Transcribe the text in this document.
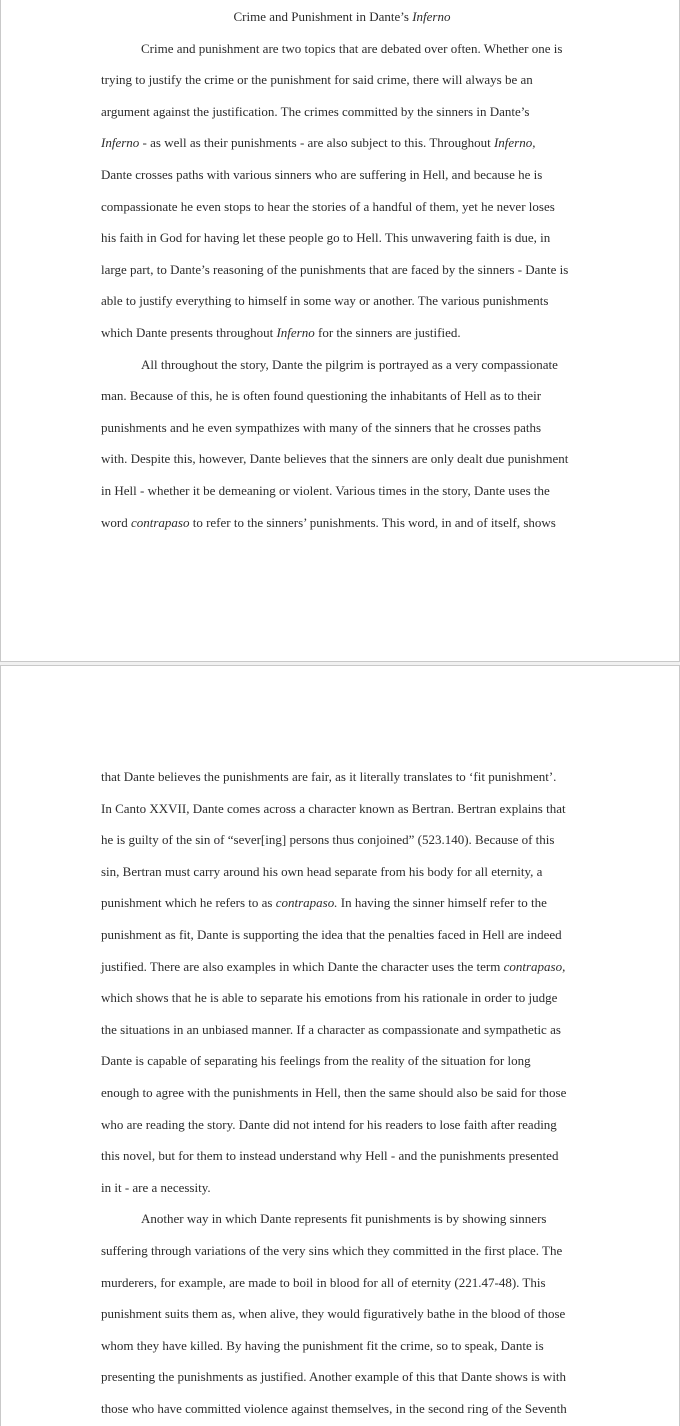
Crime and Punishment in Dante’s Inferno

Crime and punishment are two topics that are debated over often. Whether one is

trying to justify the crime or the punishment for said crime, there will always be an

argument against the justification. The crimes committed by the sinners in Dante’s

Inferno - as well as their punishments - are also subject to this. Throughout Inferno,

Dante crosses paths with various sinners who are suffering in Hell, and because he is

compassionate he even stops to hear the stories of a handful of them, yet he never loses

his faith in God for having let these people go to Hell. This unwavering faith is due, in

large part, to Dante’s reasoning of the punishments that are faced by the sinners - Dante is

able to justify everything to himself in some way or another. The various punishments

which Dante presents throughout Inferno for the sinners are justified.

All throughout the story, Dante the pilgrim is portrayed as a very compassionate

man. Because of this, he is often found questioning the inhabitants of Hell as to their

punishments and he even sympathizes with many of the sinners that he crosses paths

with. Despite this, however, Dante believes that the sinners are only dealt due punishment

in Hell - whether it be demeaning or violent. Various times in the story, Dante uses the

word contrapaso to refer to the sinners’ punishments. This word, in and of itself, shows

that Dante believes the punishments are fair, as it literally translates to ‘fit punishment’.

In Canto XXVII, Dante comes across a character known as Bertran. Bertran explains that

he is guilty of the sin of “sever[ing] persons thus conjoined” (523.140). Because of this

sin, Bertran must carry around his own head separate from his body for all eternity, a

punishment which he refers to as contrapaso. In having the sinner himself refer to the

punishment as fit, Dante is supporting the idea that the penalties faced in Hell are indeed

justified. There are also examples in which Dante the character uses the term contrapaso,

which shows that he is able to separate his emotions from his rationale in order to judge

the situations in an unbiased manner. If a character as compassionate and sympathetic as

Dante is capable of separating his feelings from the reality of the situation for long

enough to agree with the punishments in Hell, then the same should also be said for those

who are reading the story. Dante did not intend for his readers to lose faith after reading

this novel, but for them to instead understand why Hell - and the punishments presented

in it - are a necessity.

Another way in which Dante represents fit punishments is by showing sinners

suffering through variations of the very sins which they committed in the first place. The

murderers, for example, are made to boil in blood for all of eternity (221.47-48). This

punishment suits them as, when alive, they would figuratively bathe in the blood of those

whom they have killed. By having the punishment fit the crime, so to speak, Dante is

presenting the punishments as justified. Another example of this that Dante shows is with

those who have committed violence against themselves, in the second ring of the Seventh
